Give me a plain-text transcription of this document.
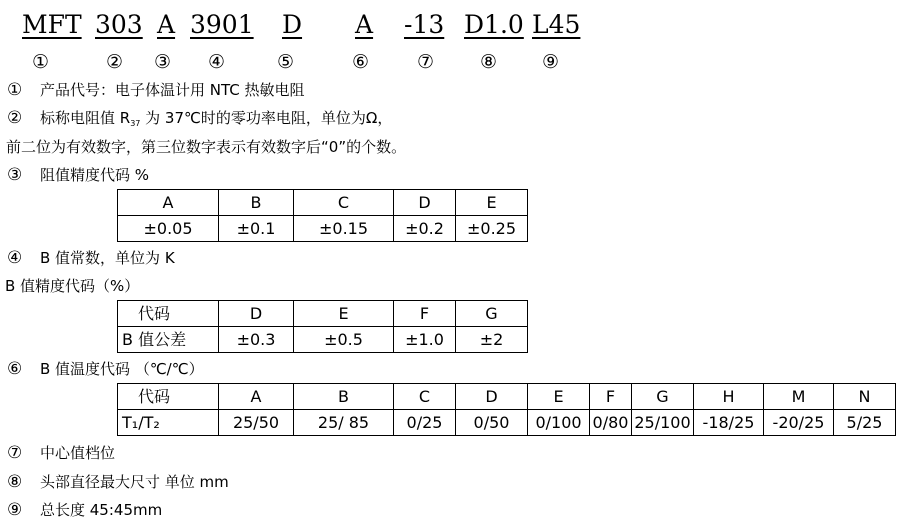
MFT 303 A 3901 D A -13 D1.0 L45
①	② ③ ④	⑤	⑥	⑦ ⑧ ⑨
① 产品代号：电子体温计用 NTC 热敏电阻
② 标称电阻值 $R_{37}$ 为 37℃时的零功率电阻，单位为Ω，
前二位为有效数字，第三位数字表示有效数字后“0”的个数。
③ 阻值精度代码 %
A	B	C	D	E
±0.05	±0.1	±0.15	±0.2	±0.25
④ B 值常数，单位为 K
B 值精度代码（%）
代码	D	E	F	G
B 值公差	±0.3	±0.5	±1.0	±2
⑥ B 值温度代码 （℃/℃）
代码	A	B	C	D	E	F	G	H	M	N
T₁/T₂	25/50	25/ 85	0/25	0/50	0/100	0/80	25/100	-18/25	-20/25	5/25
⑦ 中心值档位
⑧ 头部直径最大尺寸 单位 mm
⑨ 总长度 45:45mm
